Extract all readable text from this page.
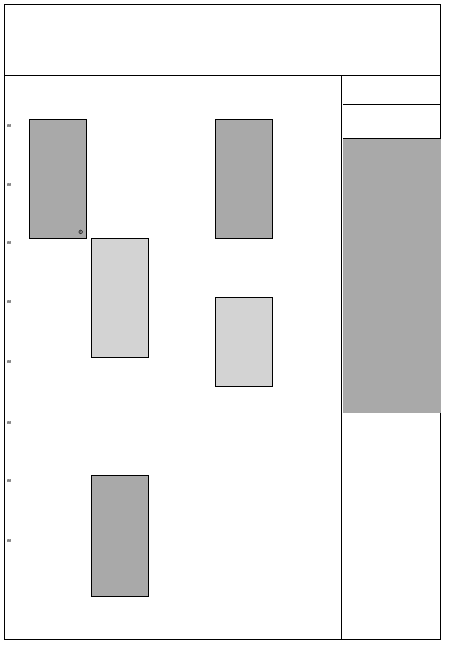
$^{00}$
$^{00}$
$^{00}$
$^{00}$
$^{00}$
$^{00}$
$^{00}$
$^{00}$
⚙
